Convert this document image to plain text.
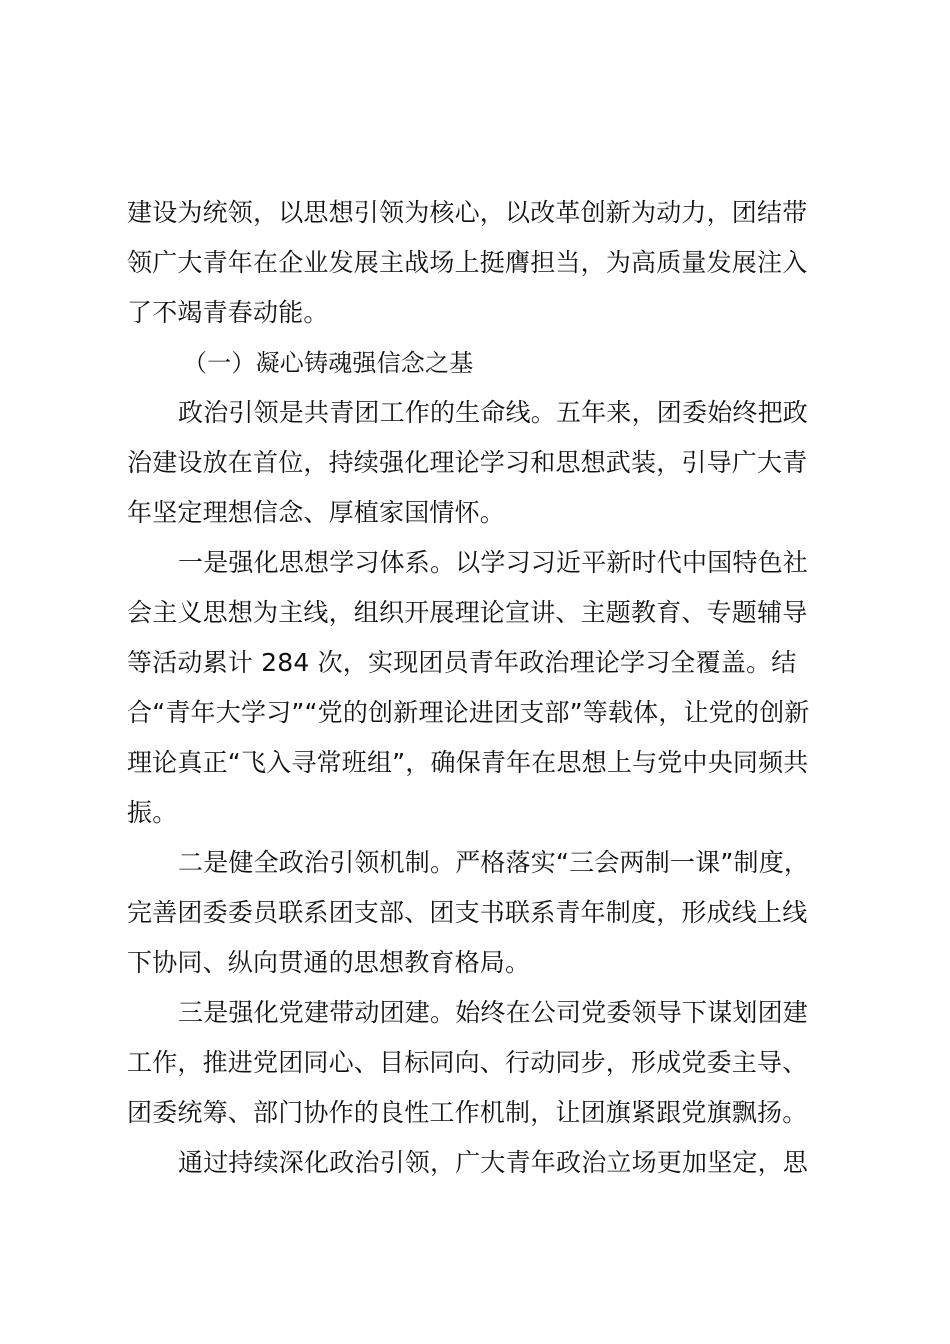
建设为统领，以思想引领为核心，以改革创新为动力，团结带
领广大青年在企业发展主战场上挺膺担当，为高质量发展注入
了不竭青春动能。
（一）凝心铸魂强信念之基
政治引领是共青团工作的生命线。五年来，团委始终把政
治建设放在首位，持续强化理论学习和思想武装，引导广大青
年坚定理想信念、厚植家国情怀。
一是强化思想学习体系。以学习习近平新时代中国特色社
会主义思想为主线，组织开展理论宣讲、主题教育、专题辅导
等活动累计 284 次，实现团员青年政治理论学习全覆盖。结
合“青年大学习”“党的创新理论进团支部”等载体，让党的创新
理论真正“飞入寻常班组”，确保青年在思想上与党中央同频共
振。
二是健全政治引领机制。严格落实“三会两制一课”制度，
完善团委委员联系团支部、团支书联系青年制度，形成线上线
下协同、纵向贯通的思想教育格局。
三是强化党建带动团建。始终在公司党委领导下谋划团建
工作，推进党团同心、目标同向、行动同步，形成党委主导、
团委统筹、部门协作的良性工作机制，让团旗紧跟党旗飘扬。
通过持续深化政治引领，广大青年政治立场更加坚定，思
